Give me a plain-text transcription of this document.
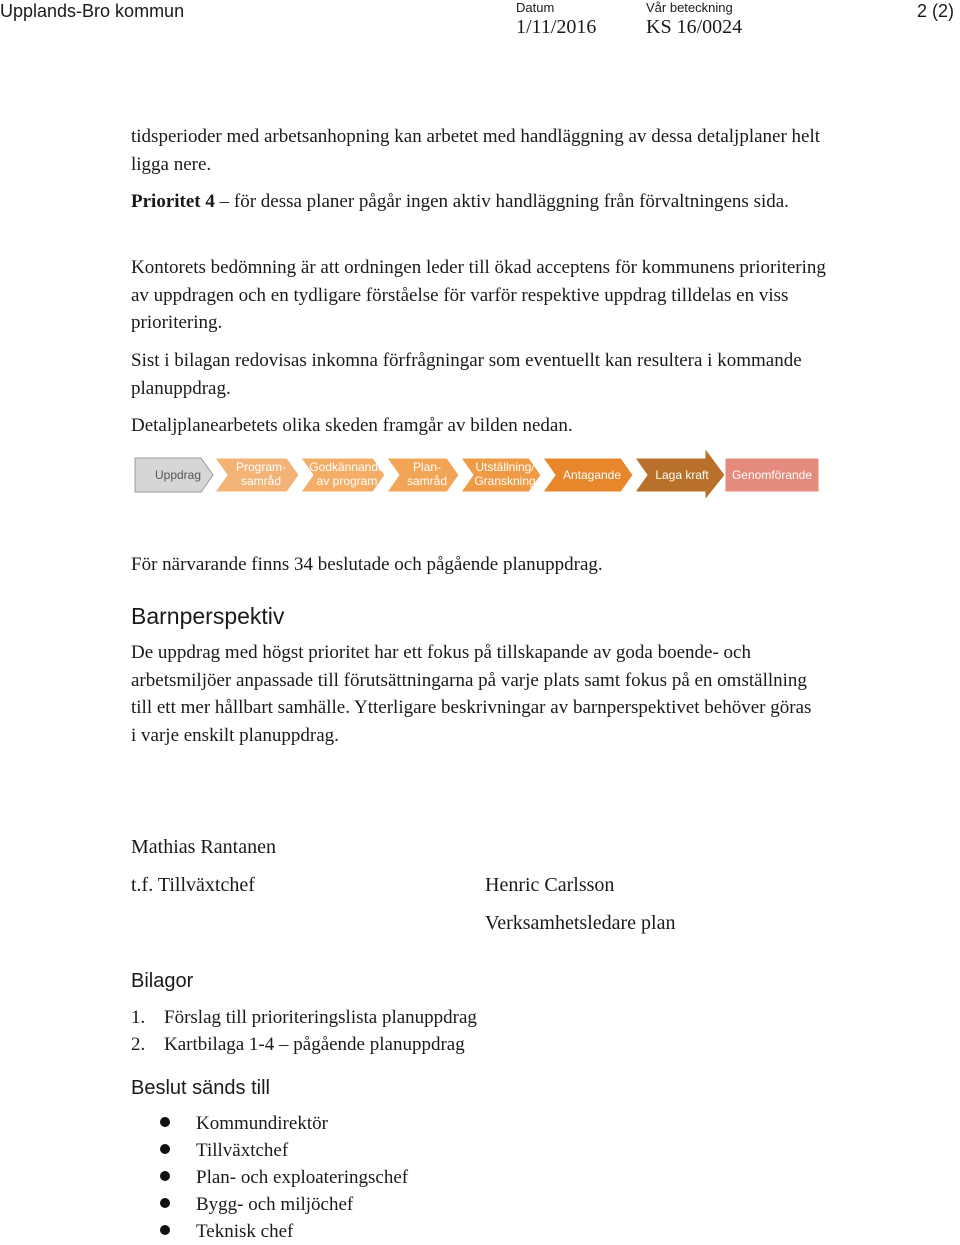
Upplands-Bro kommun	Datum
1/11/2016
Vår beteckning
KS 16/0024
2 (2)
tidsperioder med arbetsanhopning kan arbetet med handläggning av dessa detaljplaner helt ligga nere.
Prioritet 4 – för dessa planer pågår ingen aktiv handläggning från förvaltningens sida.
Kontorets bedömning är att ordningen leder till ökad acceptens för kommunens prioritering av uppdragen och en tydligare förståelse för varför respektive uppdrag tilldelas en viss prioritering.
Sist i bilagan redovisas inkomna förfrågningar som eventuellt kan resultera i kommande planuppdrag.
Detaljplanearbetets olika skeden framgår av bilden nedan.
Uppdrag
Program-
samråd
Godkännande
av program
Plan-
samråd
Utställning/
Granskning Antagande	Laga kraft Genomförande
För närvarande finns 34 beslutade och pågående planuppdrag.
Barnperspektiv
De uppdrag med högst prioritet har ett fokus på tillskapande av goda boende- och arbetsmiljöer anpassade till förutsättningarna på varje plats samt fokus på en omställning till ett mer hållbart samhälle. Ytterligare beskrivningar av barnperspektivet behöver göras i varje enskilt planuppdrag.
Mathias Rantanen
t.f. Tillväxtchef	Henric Carlsson
Verksamhetsledare plan
Bilagor
1. Förslag till prioriteringslista planuppdrag
2. Kartbilaga 1-4 – pågående planuppdrag
Beslut sänds till
Kommundirektör
Tillväxtchef
Plan- och exploateringschef
Bygg- och miljöchef
Teknisk chef
